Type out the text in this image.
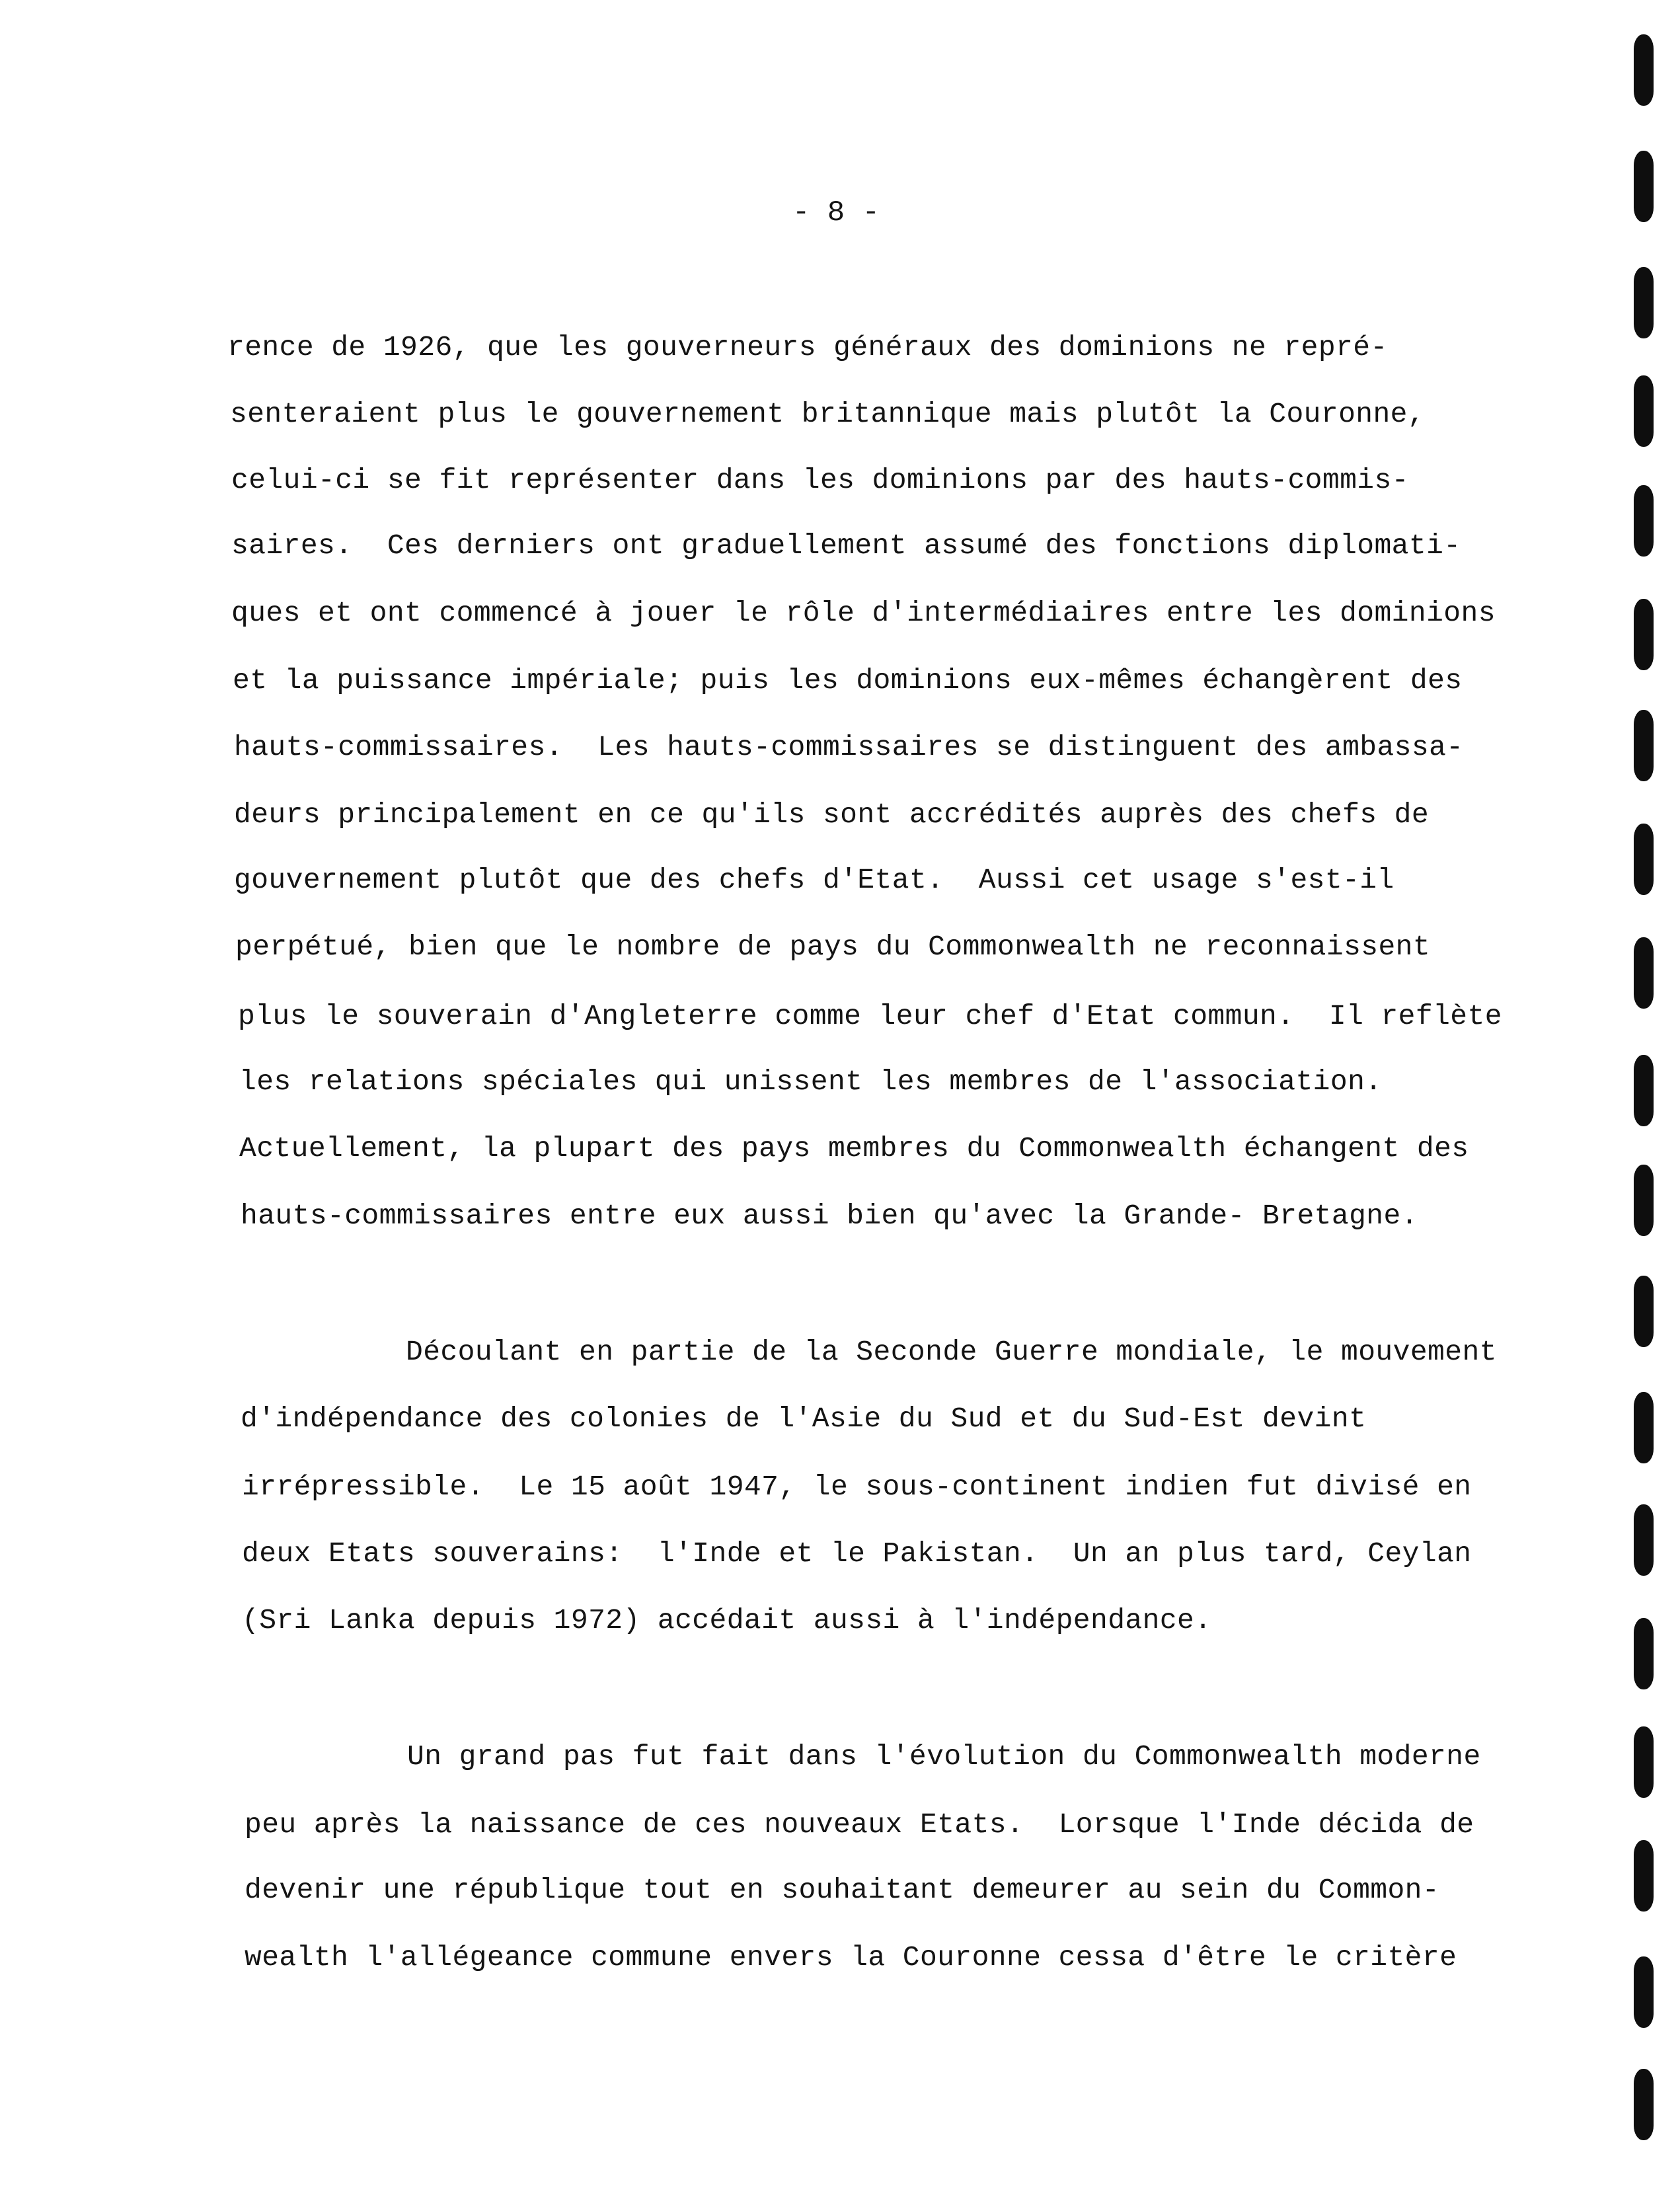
- 8 -
rence de 1926, que les gouverneurs généraux des dominions ne repré-
senteraient plus le gouvernement britannique mais plutôt la Couronne,
celui-ci se fit représenter dans les dominions par des hauts-commis-
saires.  Ces derniers ont graduellement assumé des fonctions diplomati-
ques et ont commencé à jouer le rôle d'intermédiaires entre les dominions
et la puissance impériale; puis les dominions eux-mêmes échangèrent des
hauts-commissaires.  Les hauts-commissaires se distinguent des ambassa-
deurs principalement en ce qu'ils sont accrédités auprès des chefs de
gouvernement plutôt que des chefs d'Etat.  Aussi cet usage s'est-il
perpétué, bien que le nombre de pays du Commonwealth ne reconnaissent
plus le souverain d'Angleterre comme leur chef d'Etat commun.  Il reflète
les relations spéciales qui unissent les membres de l'association.
Actuellement, la plupart des pays membres du Commonwealth échangent des
hauts-commissaires entre eux aussi bien qu'avec la Grande- Bretagne.
Découlant en partie de la Seconde Guerre mondiale, le mouvement
d'indépendance des colonies de l'Asie du Sud et du Sud-Est devint
irrépressible.  Le 15 août 1947, le sous-continent indien fut divisé en
deux Etats souverains:  l'Inde et le Pakistan.  Un an plus tard, Ceylan
(Sri Lanka depuis 1972) accédait aussi à l'indépendance.
Un grand pas fut fait dans l'évolution du Commonwealth moderne
peu après la naissance de ces nouveaux Etats.  Lorsque l'Inde décida de
devenir une république tout en souhaitant demeurer au sein du Common-
wealth l'allégeance commune envers la Couronne cessa d'être le critère
